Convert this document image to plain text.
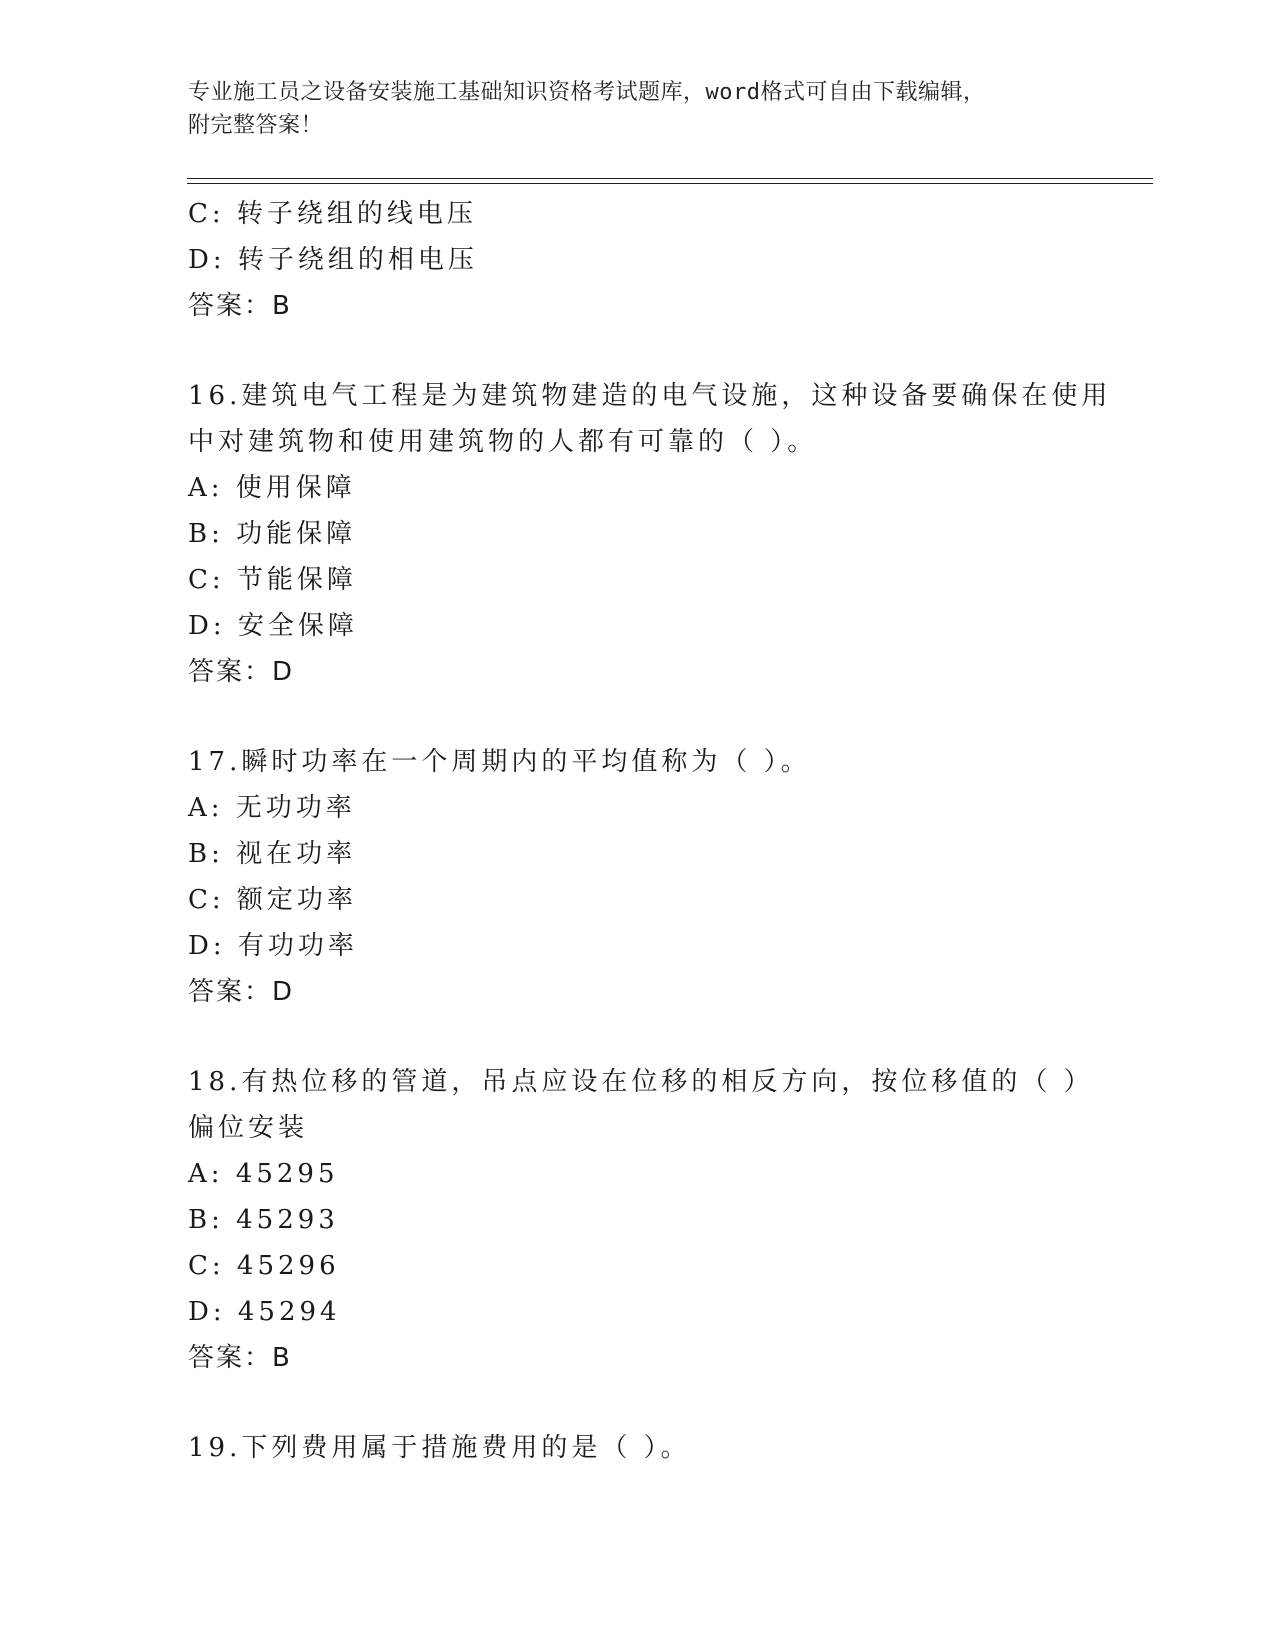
专业施工员之设备安装施工基础知识资格考试题库，word格式可自由下载编辑，
附完整答案！
C: 转子绕组的线电压
D: 转子绕组的相电压
答案：B
16.建筑电气工程是为建筑物建造的电气设施，这种设备要确保在使用
中对建筑物和使用建筑物的人都有可靠的（ ）。
A: 使用保障
B: 功能保障
C: 节能保障
D: 安全保障
答案：D
17.瞬时功率在一个周期内的平均值称为（ ）。
A: 无功功率
B: 视在功率
C: 额定功率
D: 有功功率
答案：D
18.有热位移的管道，吊点应设在位移的相反方向，按位移值的（ ）
偏位安装
A: 45295
B: 45293
C: 45296
D: 45294
答案：B
19.下列费用属于措施费用的是（ ）。
